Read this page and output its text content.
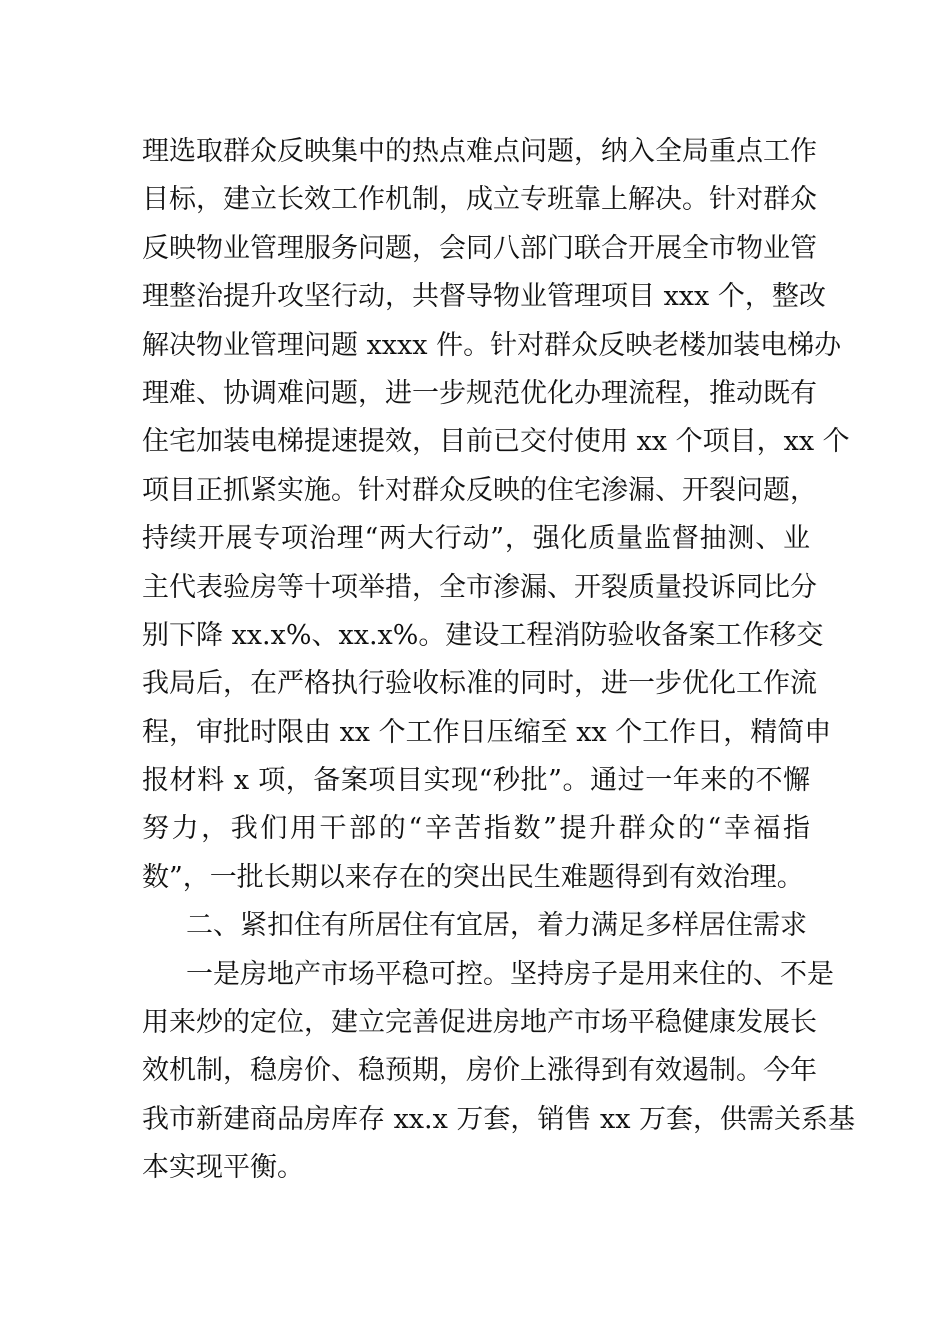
理选取群众反映集中的热点难点问题，纳入全局重点工作
目标，建立长效工作机制，成立专班靠上解决。针对群众
反映物业管理服务问题，会同八部门联合开展全市物业管
理整治提升攻坚行动，共督导物业管理项目 xxx 个，整改
解决物业管理问题 xxxx 件。针对群众反映老楼加装电梯办
理难、协调难问题，进一步规范优化办理流程，推动既有
住宅加装电梯提速提效，目前已交付使用 xx 个项目，xx 个
项目正抓紧实施。针对群众反映的住宅渗漏、开裂问题，
持续开展专项治理“两大行动”，强化质量监督抽测、业
主代表验房等十项举措，全市渗漏、开裂质量投诉同比分
别下降 xx.x%、xx.x%。建设工程消防验收备案工作移交
我局后，在严格执行验收标准的同时，进一步优化工作流
程，审批时限由 xx 个工作日压缩至 xx 个工作日，精简申
报材料 x 项，备案项目实现“秒批”。通过一年来的不懈
努力，我们用干部的“辛苦指数”提升群众的“幸福指
数”，一批长期以来存在的突出民生难题得到有效治理。
二、紧扣住有所居住有宜居，着力满足多样居住需求
一是房地产市场平稳可控。坚持房子是用来住的、不是
用来炒的定位，建立完善促进房地产市场平稳健康发展长
效机制，稳房价、稳预期，房价上涨得到有效遏制。今年
我市新建商品房库存 xx.x 万套，销售 xx 万套，供需关系基
本实现平衡。
